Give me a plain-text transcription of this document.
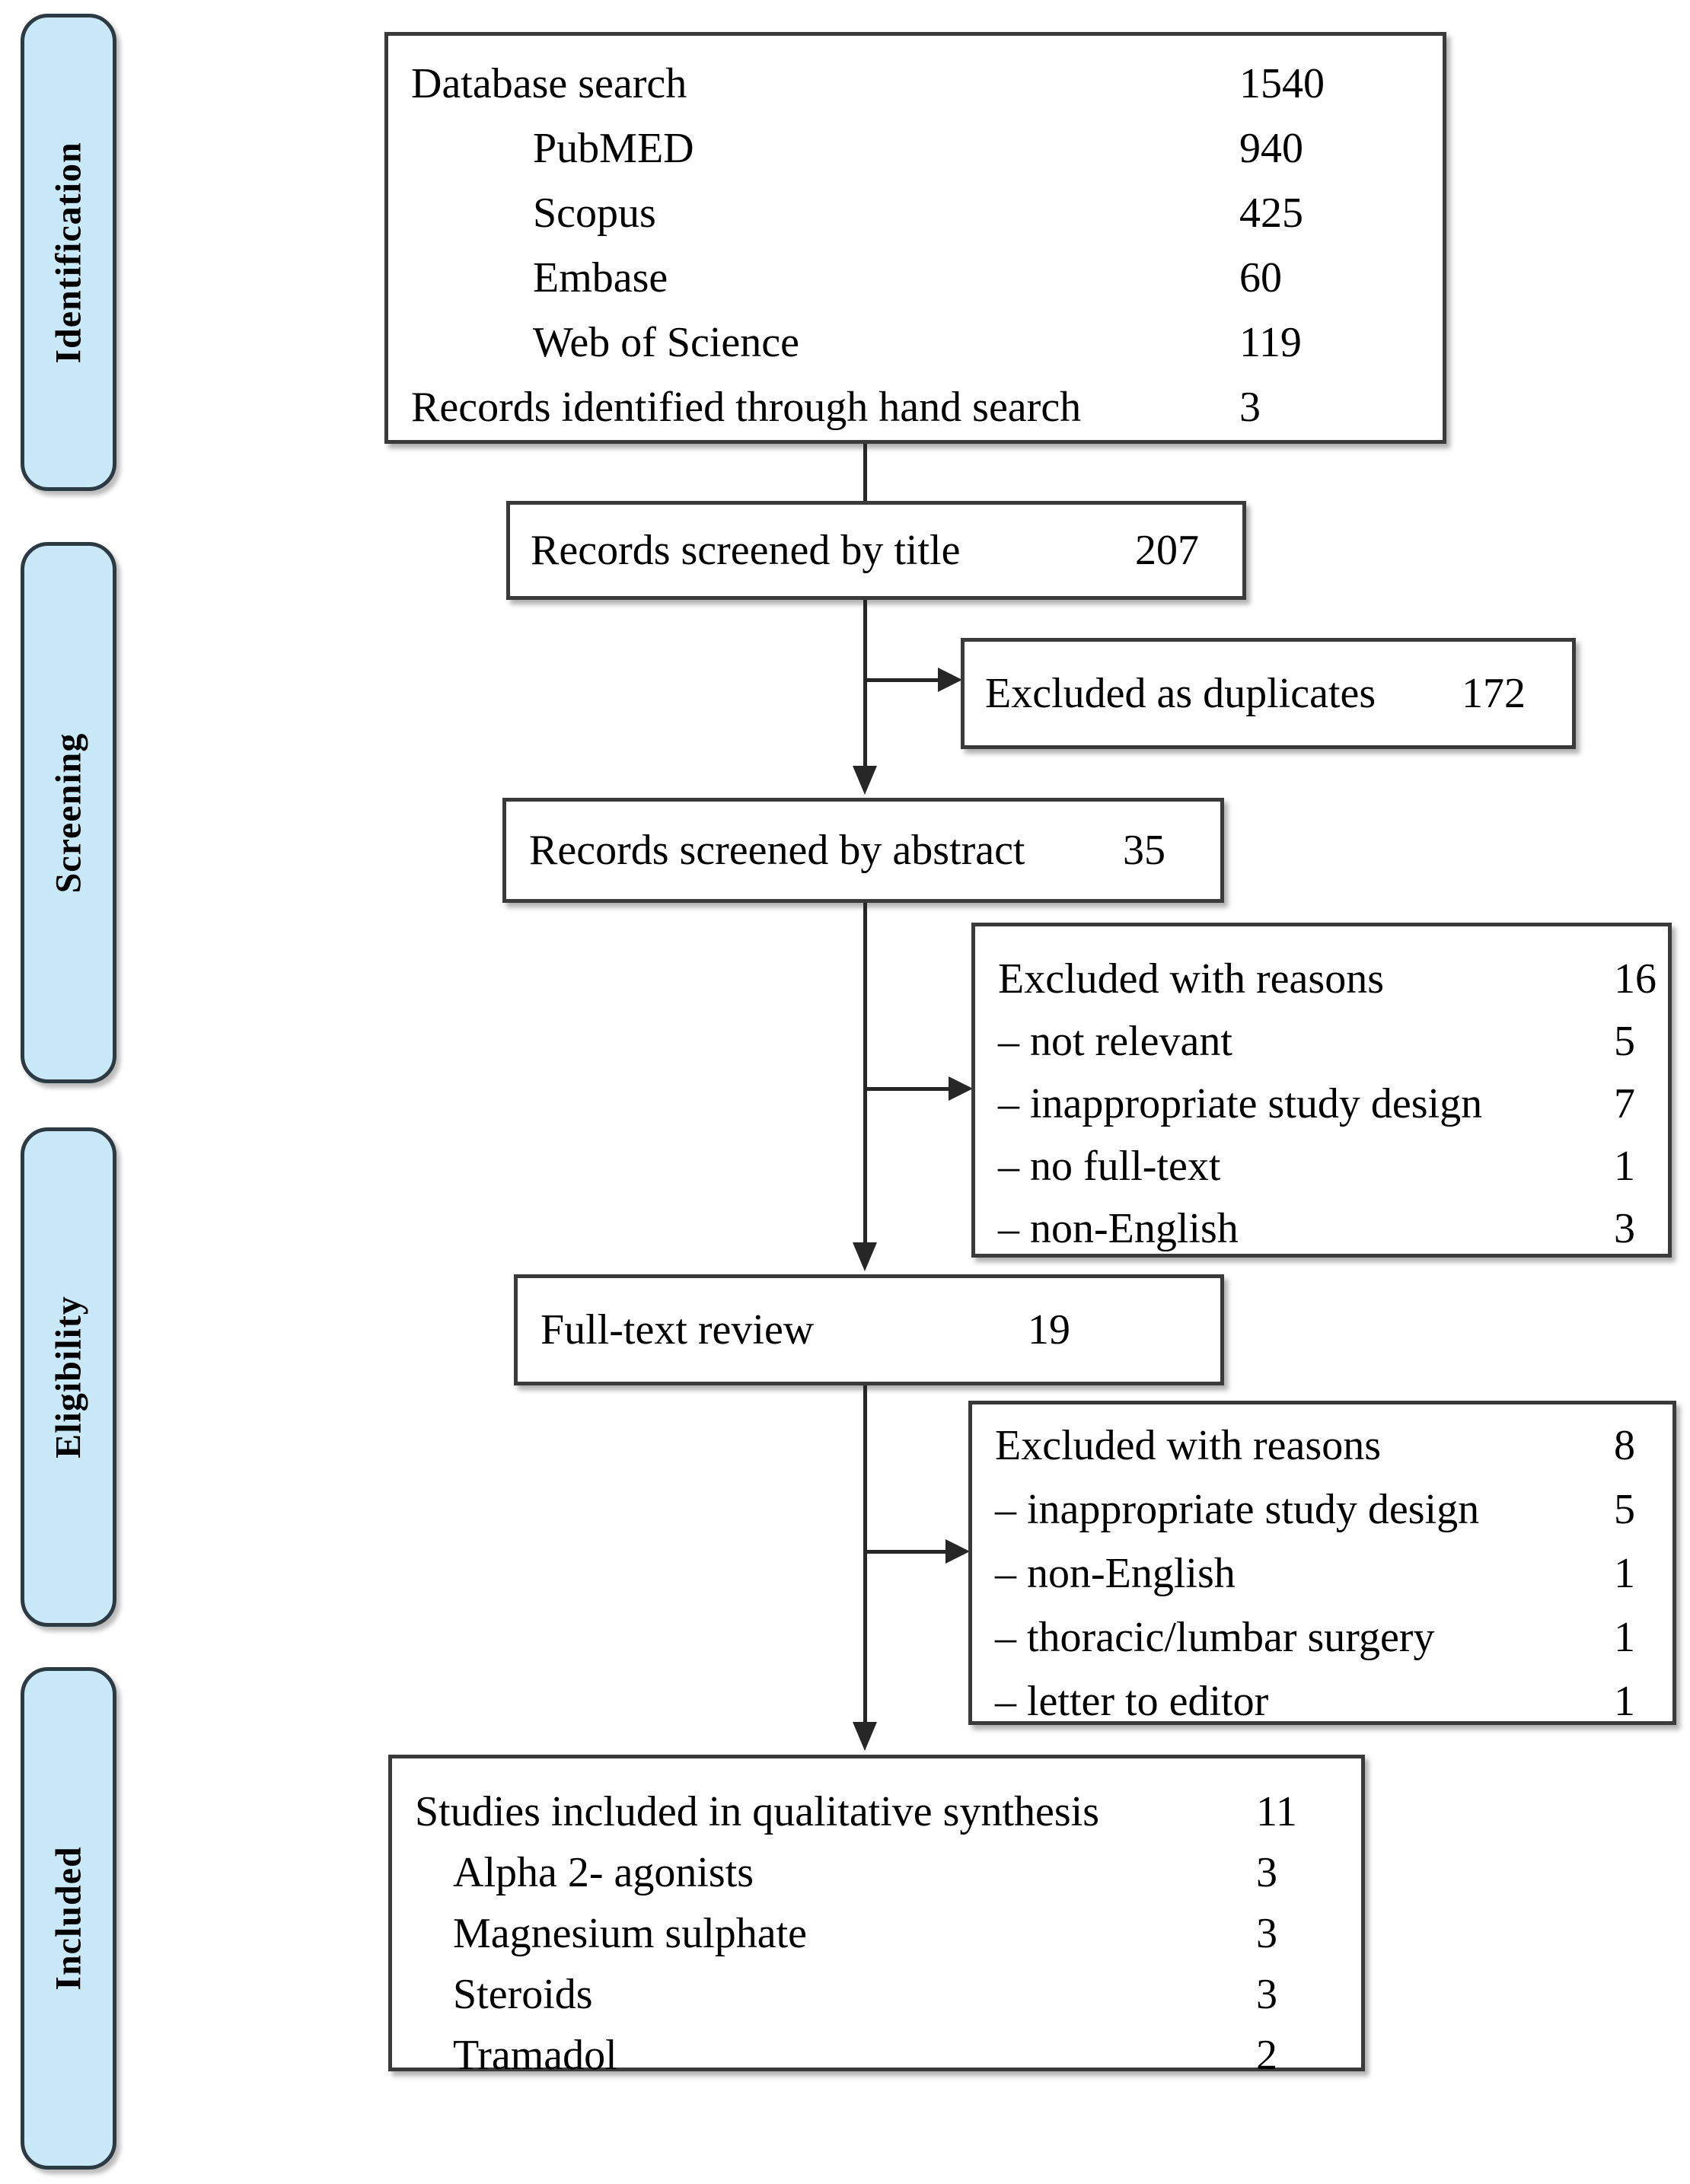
Identification
Screening
Eligibility
Included
Database search	1540
PubMED	940
Scopus	425
Embase	60
Web of Science	119
Records identified through hand search	3
Records screened by title	207
Excluded as duplicates 172
Records screened by abstract 35
Excluded with reasons	16
– not relevant	5
– inappropriate study design	7
– no full-text	1
– non-English	3
Full-text review	19
Excluded with reasons	8
– inappropriate study design	5
– non-English	1
– thoracic/lumbar surgery	1
– letter to editor	1
Studies included in qualitative synthesis	11
Alpha 2- agonists	3
Magnesium sulphate	3
Steroids	3
Tramadol	2
